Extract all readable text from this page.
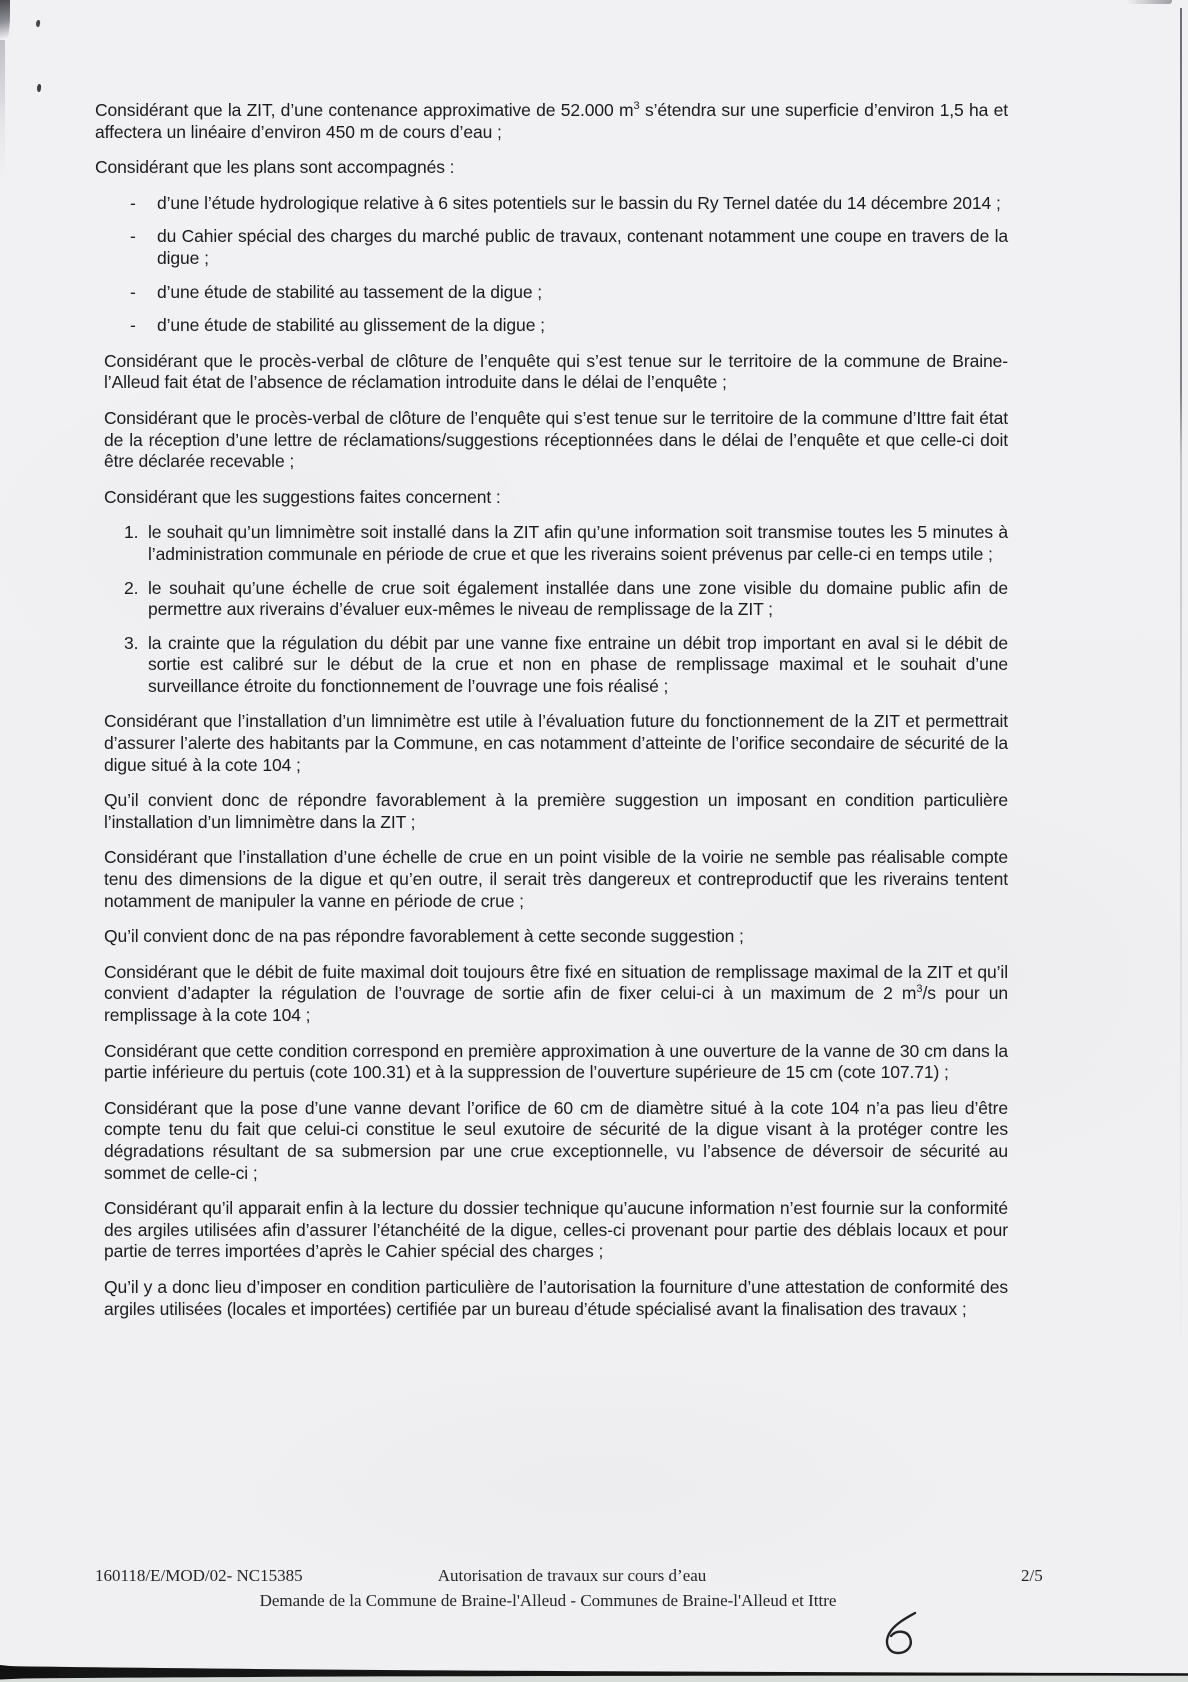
Considérant que la ZIT, d’une contenance approximative de 52.000 $m^3$ s’étendra sur une superficie d’environ 1,5 ha et affectera un linéaire d’environ 450 m de cours d’eau ;

Considérant que les plans sont accompagnés :

-	d’une l’étude hydrologique relative à 6 sites potentiels sur le bassin du Ry Ternel datée du 14 décembre 2014 ;
-	du Cahier spécial des charges du marché public de travaux, contenant notamment une coupe en travers de la digue ;
-	d’une étude de stabilité au tassement de la digue ;
-	d’une étude de stabilité au glissement de la digue ;

Considérant que le procès-verbal de clôture de l’enquête qui s’est tenue sur le territoire de la commune de Braine-l’Alleud fait état de l’absence de réclamation introduite dans le délai de l’enquête ;

Considérant que le procès-verbal de clôture de l’enquête qui s’est tenue sur le territoire de la commune d’Ittre fait état de la réception d’une lettre de réclamations/suggestions réceptionnées dans le délai de l’enquête et que celle-ci doit être déclarée recevable ;

Considérant que les suggestions faites concernent :

1. le souhait qu’un limnimètre soit installé dans la ZIT afin qu’une information soit transmise toutes les 5 minutes à l’administration communale en période de crue et que les riverains soient prévenus par celle-ci en temps utile ;
2. le souhait qu’une échelle de crue soit également installée dans une zone visible du domaine public afin de permettre aux riverains d’évaluer eux-mêmes le niveau de remplissage de la ZIT ;
3. la crainte que la régulation du débit par une vanne fixe entraine un débit trop important en aval si le débit de sortie est calibré sur le début de la crue et non en phase de remplissage maximal et le souhait d’une surveillance étroite du fonctionnement de l’ouvrage une fois réalisé ;

Considérant que l’installation d’un limnimètre est utile à l’évaluation future du fonctionnement de la ZIT et permettrait d’assurer l’alerte des habitants par la Commune, en cas notamment d’atteinte de l’orifice secondaire de sécurité de la digue situé à la cote 104 ;

Qu’il convient donc de répondre favorablement à la première suggestion un imposant en condition particulière l’installation d’un limnimètre dans la ZIT ;

Considérant que l’installation d’une échelle de crue en un point visible de la voirie ne semble pas réalisable compte tenu des dimensions de la digue et qu’en outre, il serait très dangereux et contreproductif que les riverains tentent notamment de manipuler la vanne en période de crue ;

Qu’il convient donc de na pas répondre favorablement à cette seconde suggestion ;

Considérant que le débit de fuite maximal doit toujours être fixé en situation de remplissage maximal de la ZIT et qu’il convient d’adapter la régulation de l’ouvrage de sortie afin de fixer celui-ci à un maximum de 2 $m^3/s$ pour un remplissage à la cote 104 ;

Considérant que cette condition correspond en première approximation à une ouverture de la vanne de 30 cm dans la partie inférieure du pertuis (cote 100.31) et à la suppression de l’ouverture supérieure de 15 cm (cote 107.71) ;

Considérant que la pose d’une vanne devant l’orifice de 60 cm de diamètre situé à la cote 104 n’a pas lieu d’être compte tenu du fait que celui-ci constitue le seul exutoire de sécurité de la digue visant à la protéger contre les dégradations résultant de sa submersion par une crue exceptionnelle, vu l’absence de déversoir de sécurité au sommet de celle-ci ;

Considérant qu’il apparait enfin à la lecture du dossier technique qu’aucune information n’est fournie sur la conformité des argiles utilisées afin d’assurer l’étanchéité de la digue, celles-ci provenant pour partie des déblais locaux et pour partie de terres importées d’après le Cahier spécial des charges ;

Qu’il y a donc lieu d’imposer en condition particulière de l’autorisation la fourniture d’une attestation de conformité des argiles utilisées (locales et importées) certifiée par un bureau d’étude spécialisé avant la finalisation des travaux ;

160118/E/MOD/02- NC15385	Autorisation de travaux sur cours d’eau	2/5
Demande de la Commune de Braine-l'Alleud - Communes de Braine-l'Alleud et Ittre
